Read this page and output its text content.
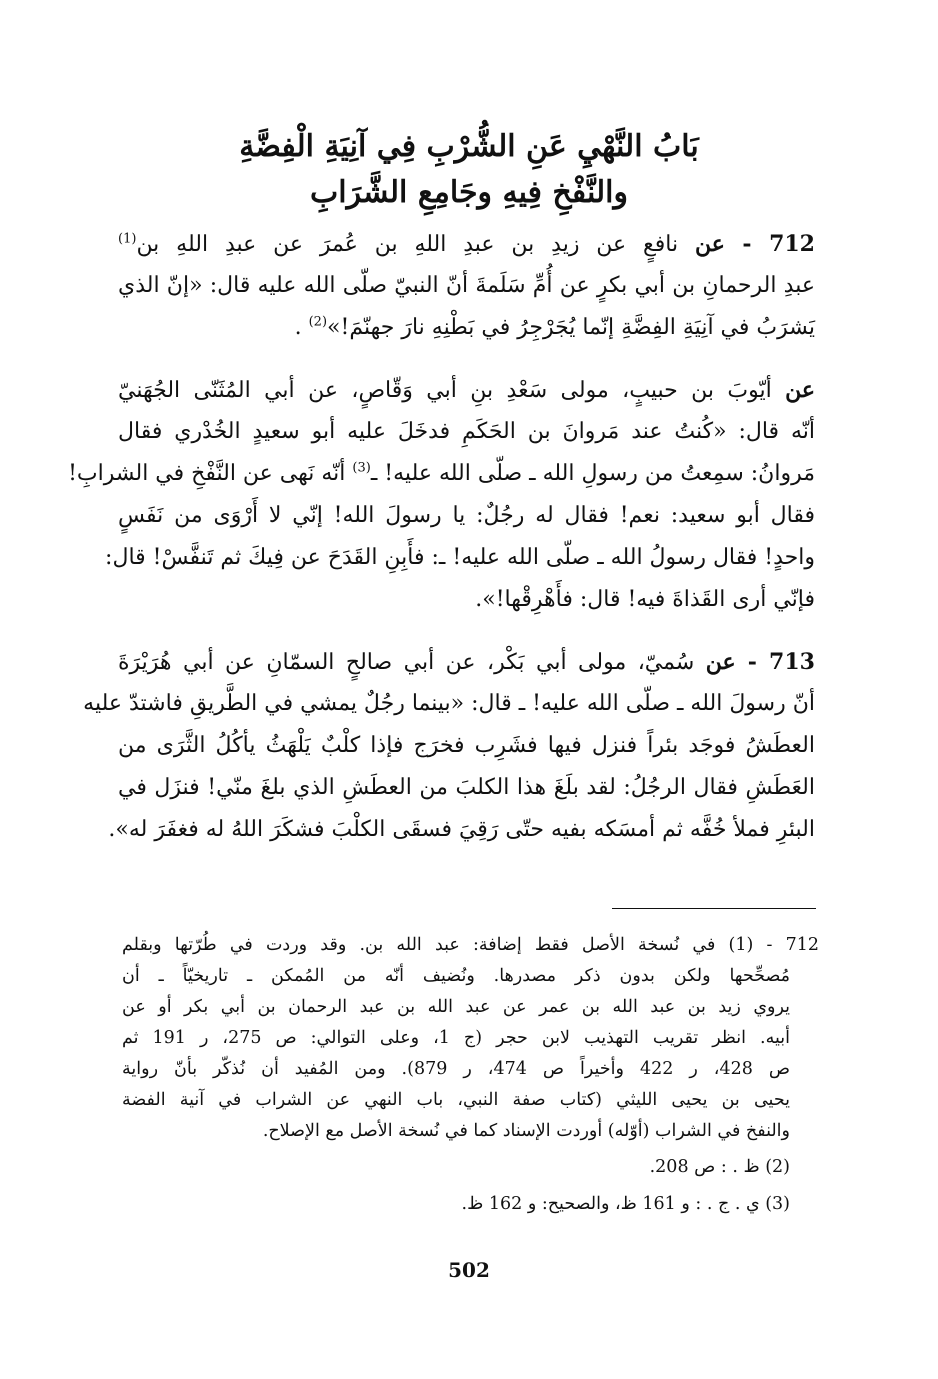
بَابُ النَّهْيِ عَنِ الشُّرْبِ فِي آنِيَةِ الْفِضَّةِ
والنَّفْخِ فِيهِ وجَامِعِ الشَّرَابِ
712 - عن نافعٍ عن زيدِ بن عبدِ اللهِ بن عُمرَ عن عبدِ اللهِ بن$^{(1)}$
عبدِ الرحمانِ بن أبي بكرٍ عن أُمِّ سَلَمةَ أنّ النبيّ صلّى الله عليه قال: «إنّ الذي
يَشرَبُ في آنِيَةِ الفِضَّةِ إنّما يُجَرْجِرُ في بَطْنِهِ نارَ جهنّمَ!»$^{(2)}$ .
عن أيّوبَ بن حبيبٍ، مولى سَعْدِ بنِ أبي وَقّاصٍ، عن أبي المُثَنّى الجُهَنيّ
أنّه قال: «كُنتُ عند مَروانَ بن الحَكَمِ فدخَلَ عليه أبو سعيدٍ الخُدْري فقال
مَروانُ: سمِعتُ من رسولِ الله ـ صلّى الله عليه! ـ$^{(3)}$ أنّه نَهى عن النَّفْخِ في الشرابِ!
فقال أبو سعيد: نعم! فقال له رجُلٌ: يا رسولَ الله! إنّي لا أَرْوَى من نَفَسٍ
واحدٍ! فقال رسولُ الله ـ صلّى الله عليه! ـ: فأَبِنِ القَدَحَ عن فِيكَ ثم تَنفَّسْ! قال:
فإنّي أرى القَذاةَ فيه! قال: فأَهْرِقْها!».
713 - عن سُميّ، مولى أبي بَكْر، عن أبي صالحٍ السمّانِ عن أبي هُرَيْرَةَ
أنّ رسولَ الله ـ صلّى الله عليه! ـ قال: «بينما رجُلٌ يمشي في الطَّريقِ فاشتدّ عليه
العطَشُ فوجَد بئراً فنزل فيها فشَرِب فخرَج فإذا كلْبٌ يَلْهَثُ يأكُلُ الثَّرَى من
العَطَشِ فقال الرجُلُ: لقد بلَغَ هذا الكلبَ من العطَشِ الذي بلغَ منّي! فنزَل في
البئرِ فملأ خُفَّه ثم أمسَكه بفيه حتّى رَقِيَ فسقَى الكلْبَ فشكَرَ اللهُ له فغفَرَ له».
712 - (1) في نُسخة الأصل فقط إضافة: عبد الله بن. وقد وردت في طُرّتها وبقلم
مُصحِّحها ولكن بدون ذكر مصدرها. ونُضيف أنّه من المُمكن ـ تاريخيّاً ـ أن
يروي زيد بن عبد الله بن عمر عن عبد الله بن عبد الرحمان بن أبي بكر أو عن
أبيه. انظر تقريب التهذيب لابن حجر (ج 1، وعلى التوالي: ص 275، ر 191 ثم
ص 428، ر 422 وأخيراً ص 474، ر 879). ومن المُفيد أن نُذكّر بأنّ رواية
يحيى بن يحيى الليثي (كتاب صفة النبي، باب النهي عن الشراب في آنية الفضة
والنفخ في الشراب (أوّله) أوردت الإسناد كما في نُسخة الأصل مع الإصلاح.
(2) ظ . : ص 208.
(3) ي . ج . : و 161 ظ، والصحيح: و 162 ظ.
502
